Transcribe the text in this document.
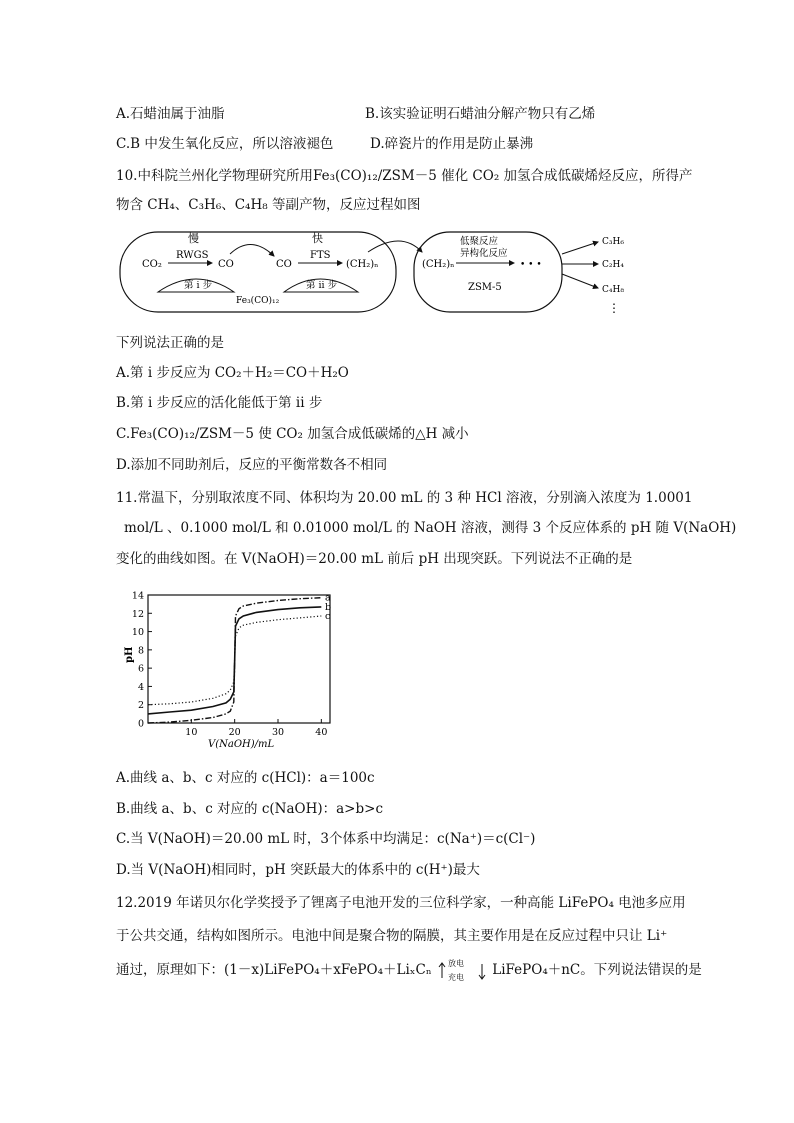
A.石蜡油属于油脂	B.该实验证明石蜡油分解产物只有乙烯
C.B 中发生氧化反应，所以溶液褪色	D.碎瓷片的作用是防止暴沸
10.中科院兰州化学物理研究所用Fe₃(CO)₁₂/ZSM－5 催化 CO₂ 加氢合成低碳烯烃反应，所得产
物含 CH₄、C₃H₆、C₄H₈ 等副产物，反应过程如图
慢	快
CO₂
RWGS
CO	CO
FTS
(CH₂)ₙ
第 i 步	第 ii 步
Fe₃(CO)₁₂
(CH₂)ₙ
低聚反应
异构化反应
• • •
ZSM-5
C₃H₆
C₂H₄
C₄H₈
⋮
下列说法正确的是
A.第 i 步反应为 CO₂＋H₂＝CO＋H₂O
B.第 i 步反应的活化能低于第 ii 步
C.Fe₃(CO)₁₂/ZSM－5 使 CO₂ 加氢合成低碳烯的△H 减小
D.添加不同助剂后，反应的平衡常数各不相同
11.常温下，分别取浓度不同、体积均为 20.00 mL 的 3 种 HCl 溶液，分别滴入浓度为 1.0001
mol/L 、0.1000 mol/L 和 0.01000 mol/L 的 NaOH 溶液，测得 3 个反应体系的 pH 随 V(NaOH)
变化的曲线如图。在 V(NaOH)＝20.00 mL 前后 pH 出现突跃。下列说法不正确的是
a
b
c
0
2
4
6
8
10
12
14
10	20	30	40
pH
V(NaOH)/mL
A.曲线 a、b、c 对应的 c(HCl)：a＝100c
B.曲线 a、b、c 对应的 c(NaOH)：a>b>c
C.当 V(NaOH)＝20.00 mL 时，3个体系中均满足：c(Na⁺)＝c(Cl⁻)
D.当 V(NaOH)相同时，pH 突跃最大的体系中的 c(H⁺)最大
12.2019 年诺贝尔化学奖授予了锂离子电池开发的三位科学家，一种高能 LiFePO₄ 电池多应用
于公共交通，结构如图所示。电池中间是聚合物的隔膜，其主要作用是在反应过程中只让 Li⁺
通过，原理如下：(1－x)LiFePO₄＋xFePO₄＋LiₓCₙ 放电
充电 LiFePO₄＋nC。下列说法错误的是
